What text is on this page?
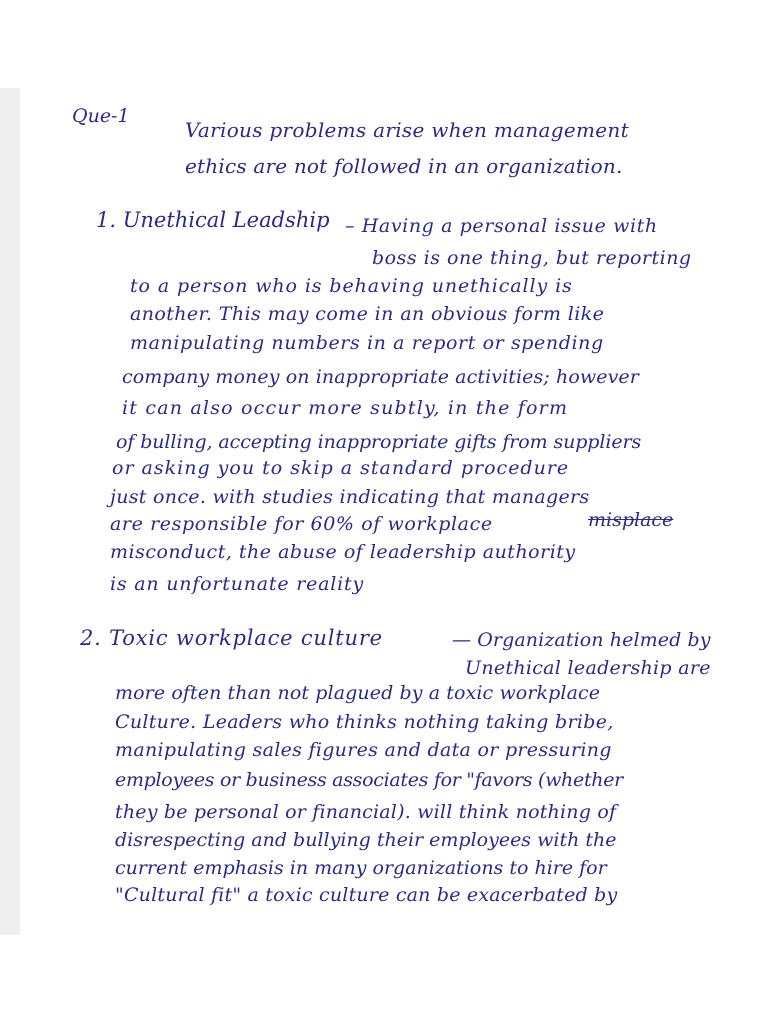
Que-1

Various problems arise when management

ethics are not followed in an organization.

1. Unethical Leadship – Having a personal issue with

boss is one thing, but reporting

to a person who is behaving unethically is

another. This may come in an obvious form like

manipulating numbers in a report or spending

company money on inappropriate activities; however

it can also occur more subtly, in the form

of bulling, accepting inappropriate gifts from suppliers

or asking you to skip a standard procedure

just once. with studies indicating that managers

are responsible for 60% of workplace	misplace

misconduct, the abuse of leadership authority

is an unfortunate reality

2. Toxic workplace culture	— Organization helmed by

Unethical leadership are

more often than not plagued by a toxic workplace

Culture. Leaders who thinks nothing taking bribe,

manipulating sales figures and data or pressuring

employees or business associates for "favors (whether

they be personal or financial). will think nothing of

disrespecting and bullying their employees with the

current emphasis in many organizations to hire for

"Cultural fit" a toxic culture can be exacerbated by
